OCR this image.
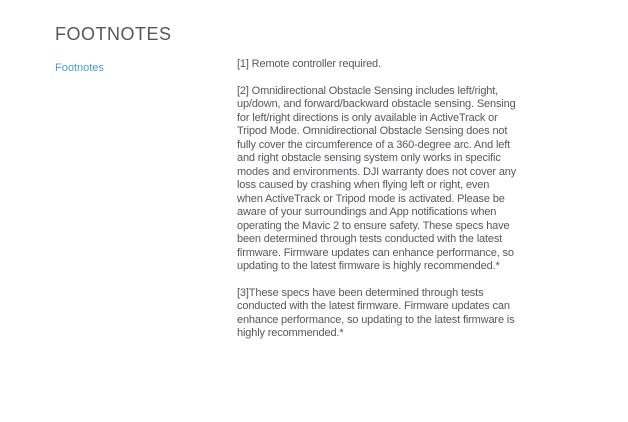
FOOTNOTES
Footnotes	[1] Remote controller required.

[2] Omnidirectional Obstacle Sensing includes left/right, up/down, and forward/backward obstacle sensing. Sensing for left/right directions is only available in ActiveTrack or Tripod Mode. Omnidirectional Obstacle Sensing does not fully cover the circumference of a 360-degree arc. And left and right obstacle sensing system only works in specific modes and environments. DJI warranty does not cover any loss caused by crashing when flying left or right, even when ActiveTrack or Tripod mode is activated. Please be aware of your surroundings and App notifications when operating the Mavic 2 to ensure safety. These specs have been determined through tests conducted with the latest firmware. Firmware updates can enhance performance, so updating to the latest firmware is highly recommended.*

[3]These specs have been determined through tests conducted with the latest firmware. Firmware updates can enhance performance, so updating to the latest firmware is highly recommended.*
